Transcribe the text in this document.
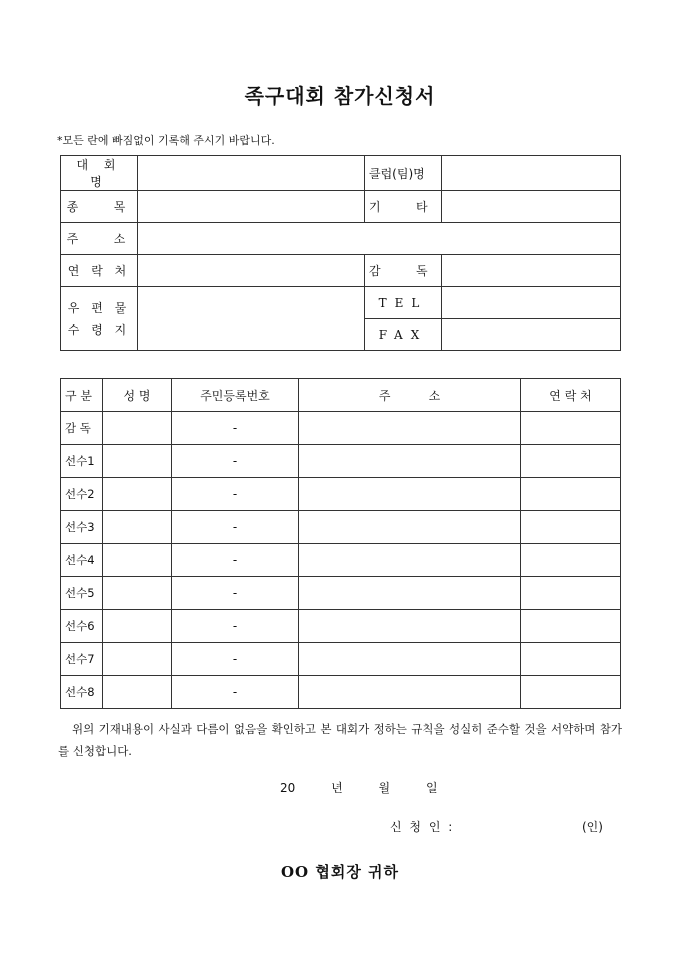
족구대회 참가신청서
*모든 란에 빠짐없이 기록해 주시기 바랍니다.
대 회 명		클럽(팀)명	
종   목		기   타	
주   소			
연 락 처		감   독	

우 편 물
수 령 지		TEL	
		FAX	
구 분	성 명	주민등록번호	주          소	연 락 처
감 독		-		
선수1		-		
선수2		-		
선수3		-		
선수4		-		
선수5		-		
선수6		-		
선수7		-		
선수8		-		
위의 기재내용이 사실과 다름이 없음을 확인하고 본 대회가 정하는 규칙을 성실히 준수할 것을 서약하며 참가를 신청합니다.
20	년	월	일
신 청 인 :	(인)
OO 협회장 귀하
